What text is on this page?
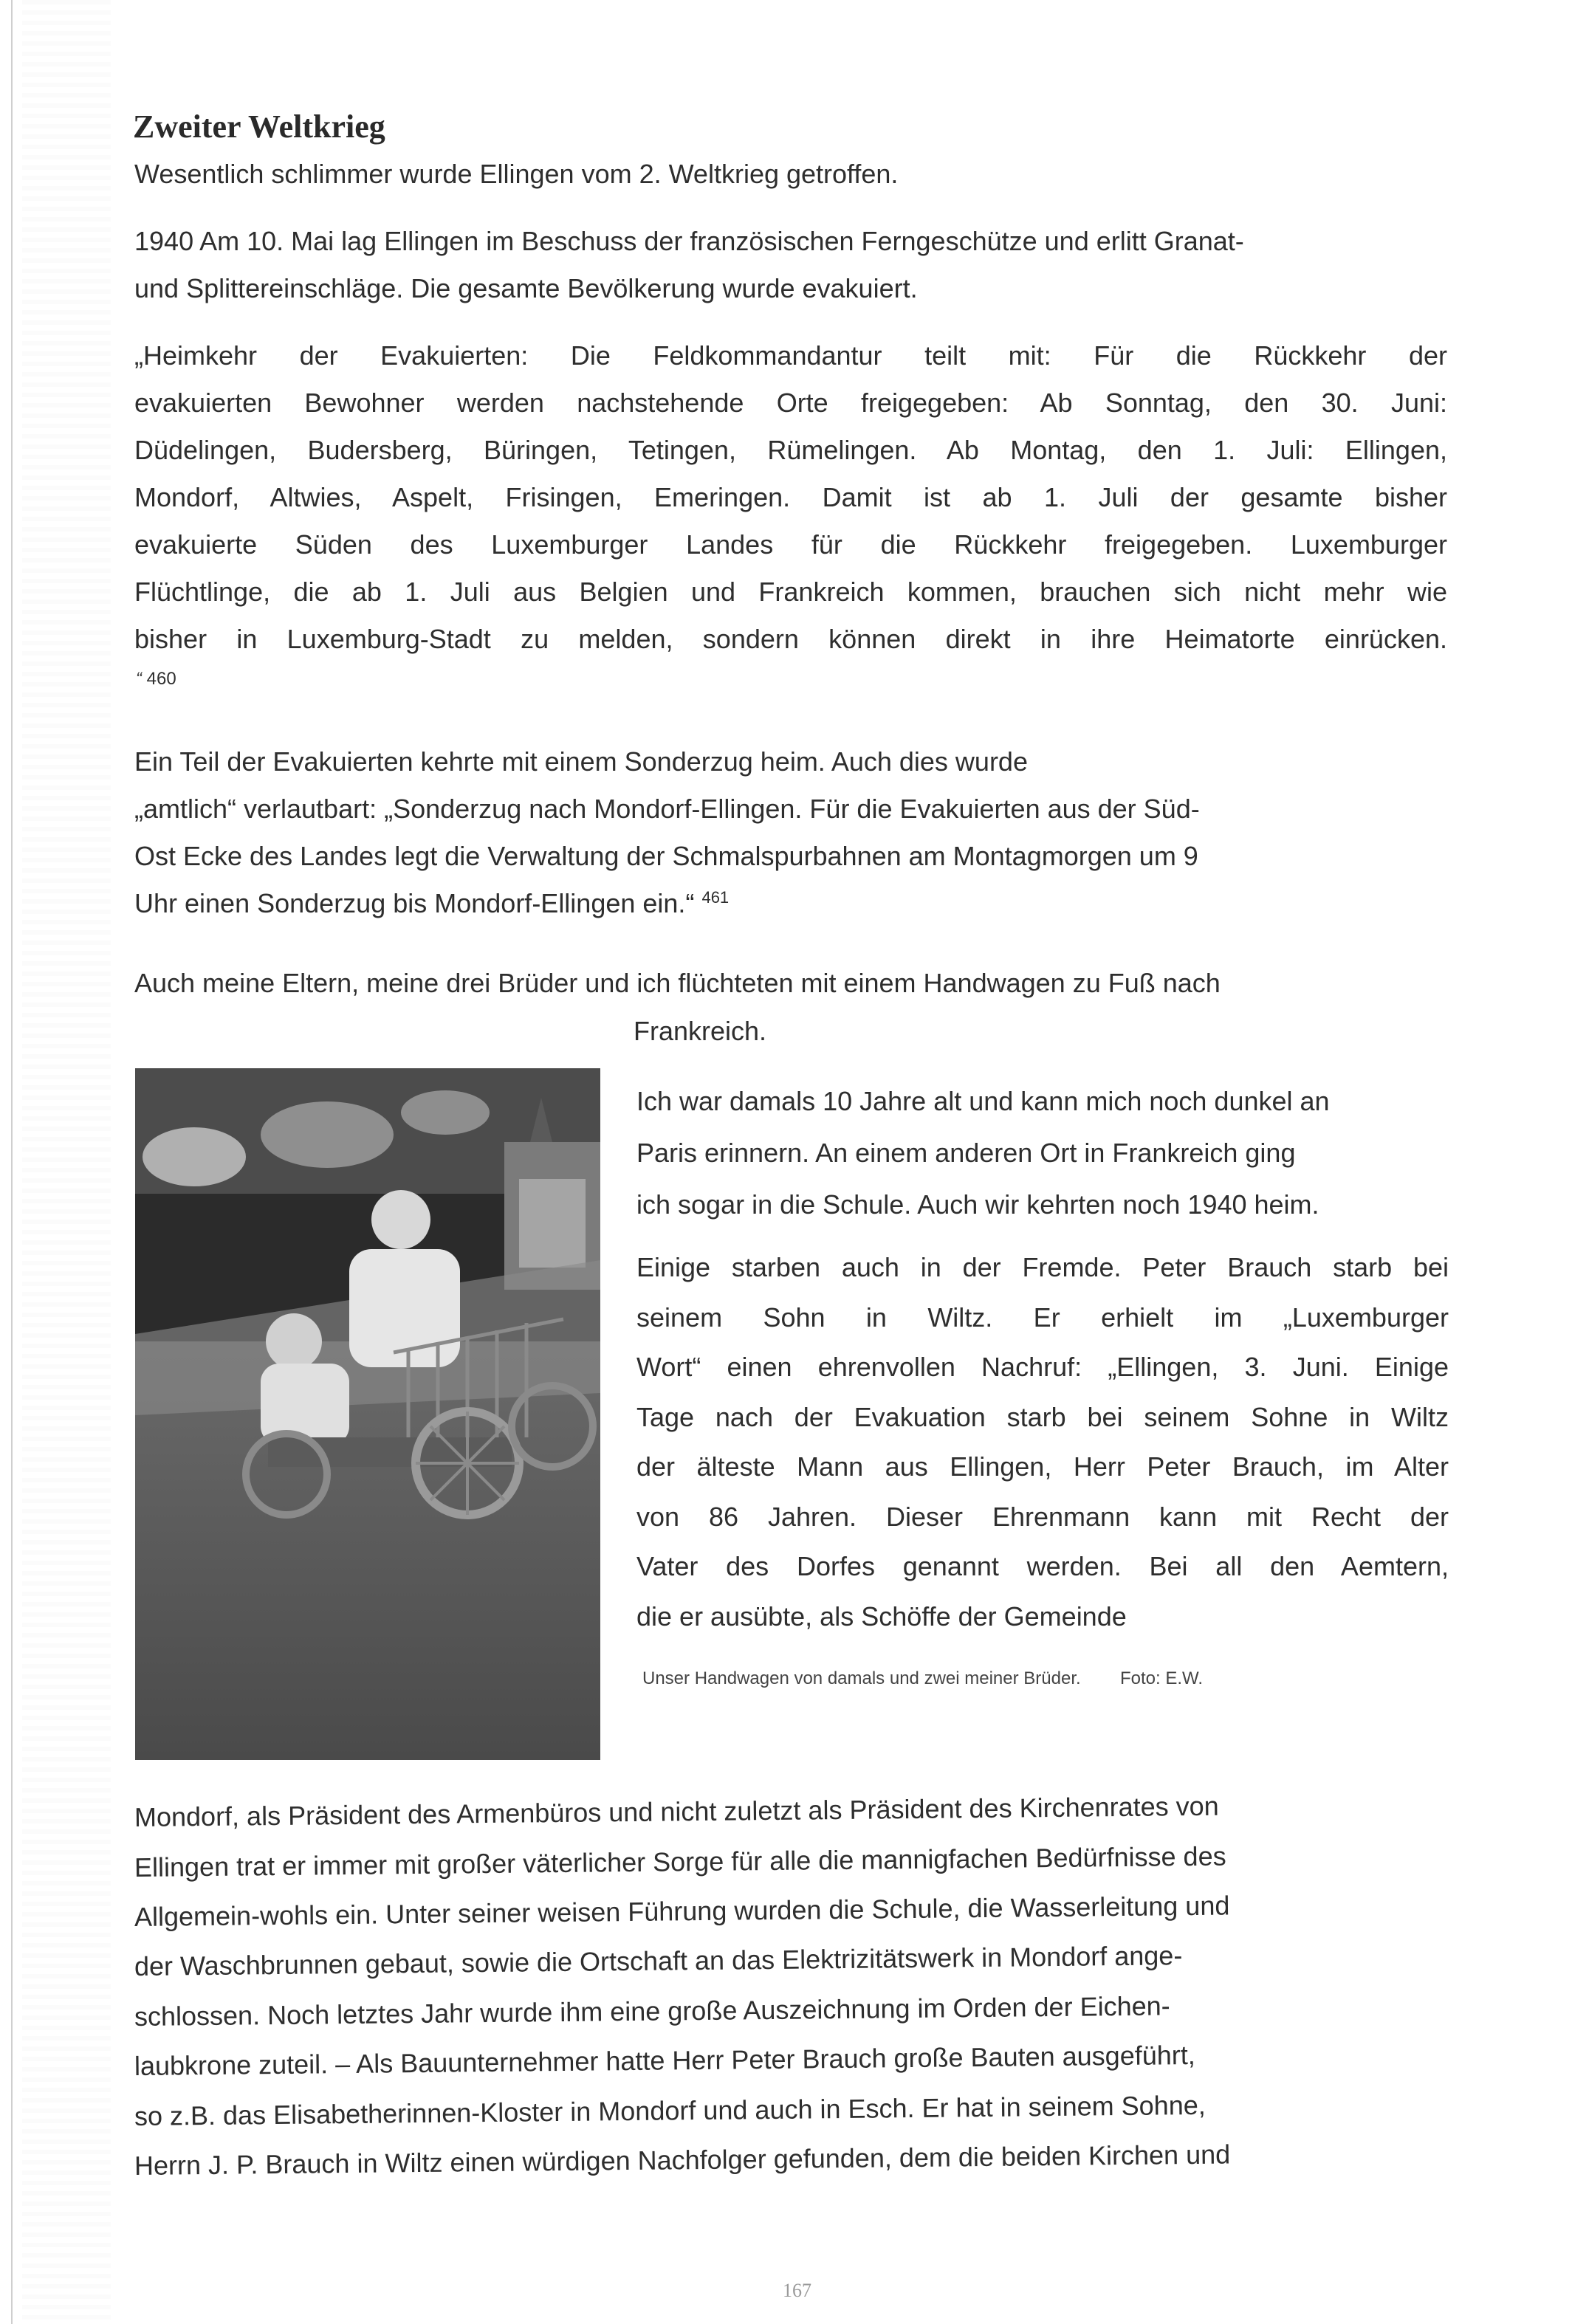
Zweiter Weltkrieg
Wesentlich schlimmer wurde Ellingen vom 2. Weltkrieg getroffen.
1940 Am 10. Mai lag Ellingen im Beschuss der französischen Ferngeschütze und erlitt Granat-
und Splittereinschläge. Die gesamte Bevölkerung wurde evakuiert.
„Heimkehr der Evakuierten: Die Feldkommandantur teilt mit: Für die Rückkehr der
evakuierten Bewohner werden nachstehende Orte freigegeben: Ab Sonntag, den 30. Juni:
Düdelingen, Budersberg, Büringen, Tetingen, Rümelingen. Ab Montag, den 1. Juli: Ellingen,
Mondorf, Altwies, Aspelt, Frisingen, Emeringen. Damit ist ab 1. Juli der gesamte bisher
evakuierte Süden des Luxemburger Landes für die Rückkehr freigegeben. Luxemburger
Flüchtlinge, die ab 1. Juli aus Belgien und Frankreich kommen, brauchen sich nicht mehr wie
bisher in Luxemburg-Stadt zu melden, sondern können direkt in ihre Heimatorte einrücken.
“ 460
Ein Teil der Evakuierten kehrte mit einem Sonderzug heim. Auch dies wurde
„amtlich“ verlautbart: „Sonderzug nach Mondorf-Ellingen. Für die Evakuierten aus der Süd-
Ost Ecke des Landes legt die Verwaltung der Schmalspurbahnen am Montagmorgen um 9
Uhr einen Sonderzug bis Mondorf-Ellingen ein.“ $^{461}$
Auch meine Eltern, meine drei Brüder und ich flüchteten mit einem Handwagen zu Fuß nach
Frankreich.
Ich war damals 10 Jahre alt und kann mich noch dunkel an
Paris erinnern. An einem anderen Ort in Frankreich ging
ich sogar in die Schule. Auch wir kehrten noch 1940 heim.
Einige starben auch in der Fremde. Peter Brauch starb bei
seinem Sohn in Wiltz. Er erhielt im „Luxemburger
Wort“ einen ehrenvollen Nachruf: „Ellingen, 3. Juni. Einige
Tage nach der Evakuation starb bei seinem Sohne in Wiltz
der älteste Mann aus Ellingen, Herr Peter Brauch, im Alter
von 86 Jahren. Dieser Ehrenmann kann mit Recht der
Vater des Dorfes genannt werden. Bei all den Aemtern,
die er ausübte, als Schöffe der Gemeinde
Unser Handwagen von damals und zwei meiner Brüder. Foto: E.W.
Mondorf, als Präsident des Armenbüros und nicht zuletzt als Präsident des Kirchenrates von
Ellingen trat er immer mit großer väterlicher Sorge für alle die mannigfachen Bedürfnisse des
Allgemein-wohls ein. Unter seiner weisen Führung wurden die Schule, die Wasserleitung und
der Waschbrunnen gebaut, sowie die Ortschaft an das Elektrizitätswerk in Mondorf ange-
schlossen. Noch letztes Jahr wurde ihm eine große Auszeichnung im Orden der Eichen-
laubkrone zuteil. – Als Bauunternehmer hatte Herr Peter Brauch große Bauten ausgeführt,
so z.B. das Elisabetherinnen-Kloster in Mondorf und auch in Esch. Er hat in seinem Sohne,
Herrn J. P. Brauch in Wiltz einen würdigen Nachfolger gefunden, dem die beiden Kirchen und
167
